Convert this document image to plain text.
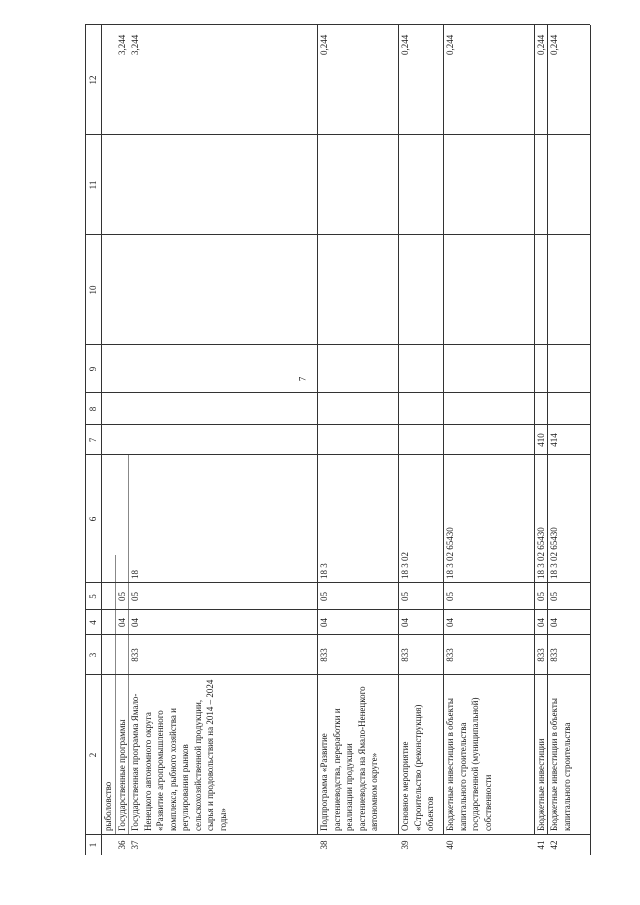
7
1
2
3
4
5
6
7
8
9
10
11
12
рыболовство
36
Государственные программы
04
05
3,244
37
Государственная программа Ямало-Ненецкого автономного округа «Развитие агропромышленного комплекса, рыбного хозяйства и регулирования рынков сельскохозяйственной продукции, сырья и продовольствия на 2014 – 2024 годы»
833
04
05
18
3,244
38
Подпрограмма «Развитие растениеводства, переработки и реализации продукции растениеводства на Ямало-Ненецкого автономном округе»
833
04
05
18 3
0,244
39
Основное мероприятие «Строительство (реконструкция) объектов
833
04
05
18 3 02
0,244
40
Бюджетные инвестиции в объекты капитального строительства государственной (муниципальной) собственности
833
04
05
18 3 02 65430
0,244
41
Бюджетные инвестиции
833
04
05
18 3 02 65430
410
0,244
42
Бюджетные инвестиции в объекты капитального строительства
833
04
05
18 3 02 65430
414
0,244
